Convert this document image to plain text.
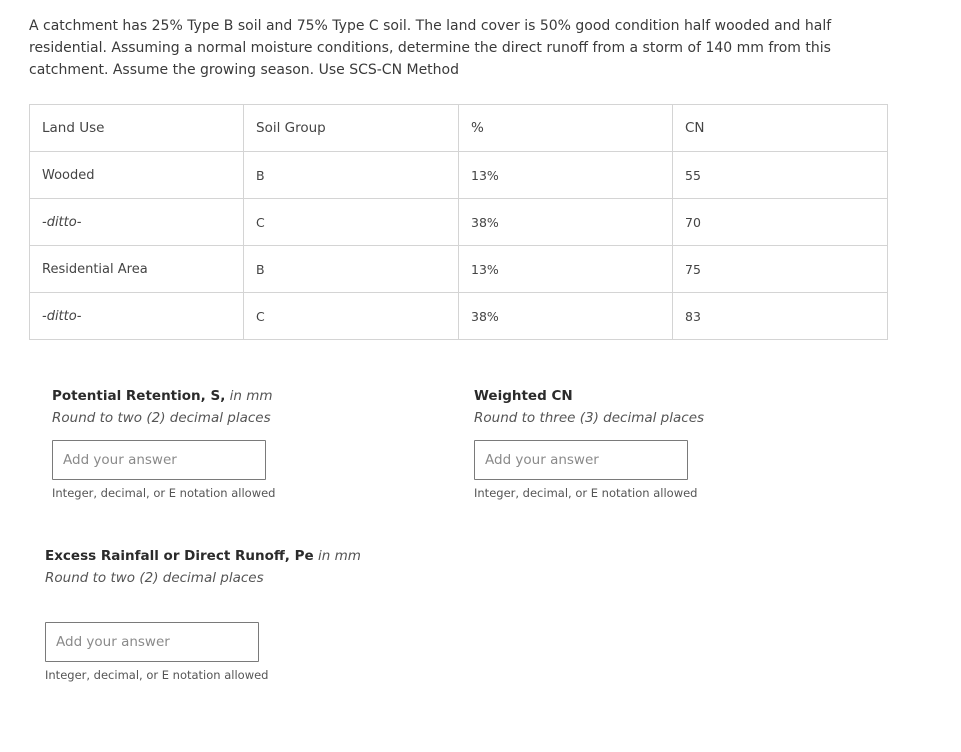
A catchment has 25% Type B soil and 75% Type C soil. The land cover is 50% good condition half wooded and half residential. Assuming a normal moisture conditions, determine the direct runoff from a storm of 140 mm from this catchment. Assume the growing season. Use SCS-CN Method
Land Use	Soil Group	%	CN
Wooded	B	13%	55
-ditto-	C	38%	70
Residential Area	B	13%	75
-ditto-	C	38%	83
Potential Retention, S, in mm
Round to two (2) decimal places
Add your answer
Integer, decimal, or E notation allowed
Weighted CN
Round to three (3) decimal places
Add your answer
Integer, decimal, or E notation allowed
Excess Rainfall or Direct Runoff, Pe in mm
Round to two (2) decimal places
Add your answer
Integer, decimal, or E notation allowed
